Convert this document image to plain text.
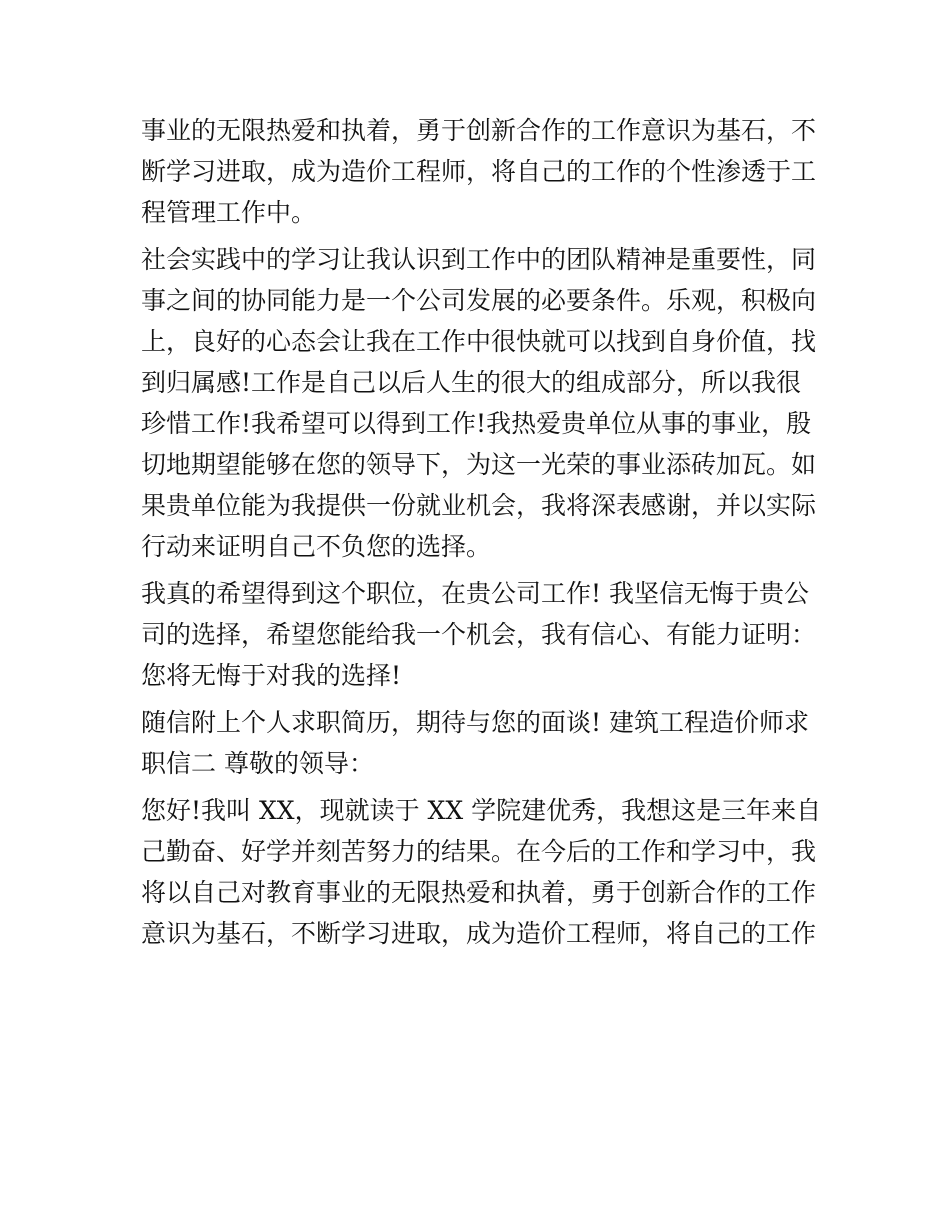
事业的无限热爱和执着，勇于创新合作的工作意识为基石，不
断学习进取，成为造价工程师，将自己的工作的个性渗透于工
程管理工作中。
社会实践中的学习让我认识到工作中的团队精神是重要性，同
事之间的协同能力是一个公司发展的必要条件。乐观，积极向
上，良好的心态会让我在工作中很快就可以找到自身价值，找
到归属感!工作是自己以后人生的很大的组成部分，所以我很
珍惜工作!我希望可以得到工作!我热爱贵单位从事的事业，殷
切地期望能够在您的领导下，为这一光荣的事业添砖加瓦。如
果贵单位能为我提供一份就业机会，我将深表感谢，并以实际
行动来证明自己不负您的选择。
我真的希望得到这个职位，在贵公司工作! 我坚信无悔于贵公
司的选择，希望您能给我一个机会，我有信心、有能力证明：
您将无悔于对我的选择!
随信附上个人求职简历，期待与您的面谈! 建筑工程造价师求
职信二 尊敬的领导：
您好!我叫 XX，现就读于 XX 学院建优秀，我想这是三年来自
己勤奋、好学并刻苦努力的结果。在今后的工作和学习中，我
将以自己对教育事业的无限热爱和执着，勇于创新合作的工作
意识为基石，不断学习进取，成为造价工程师，将自己的工作
